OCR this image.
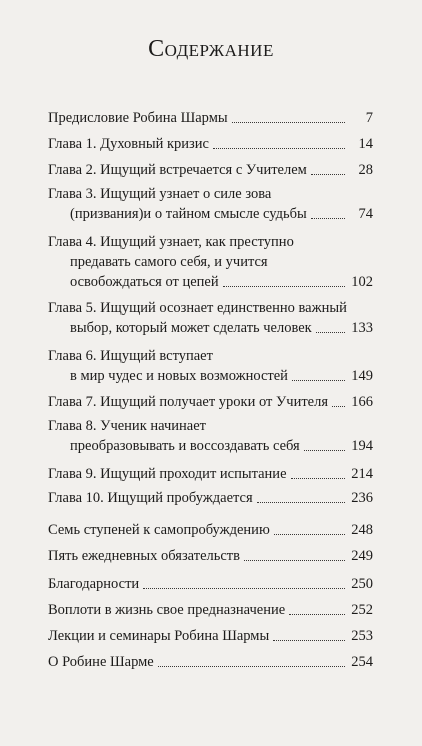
Содержание
Предисловие Робина Шармы	7
Глава 1. Духовный кризис	14
Глава 2. Ищущий встречается с Учителем	28
Глава 3. Ищущий узнает о силе зова
(призвания)и о тайном смысле судьбы	74
Глава 4. Ищущий узнает, как преступно
предавать самого себя, и учится
освобождаться от цепей	102
Глава 5. Ищущий осознает единственно важный
выбор, который может сделать человек	133
Глава 6. Ищущий вступает
в мир чудес и новых возможностей	149
Глава 7. Ищущий получает уроки от Учителя 166
Глава 8. Ученик начинает
преобразовывать и воссоздавать себя	194
Глава 9. Ищущий проходит испытание	214
Глава 10. Ищущий пробуждается	236
Семь ступеней к самопробуждению	248
Пять ежедневных обязательств	249
Благодарности	250
Воплоти в жизнь свое предназначение	252
Лекции и семинары Робина Шармы	253
О Робине Шарме	254
